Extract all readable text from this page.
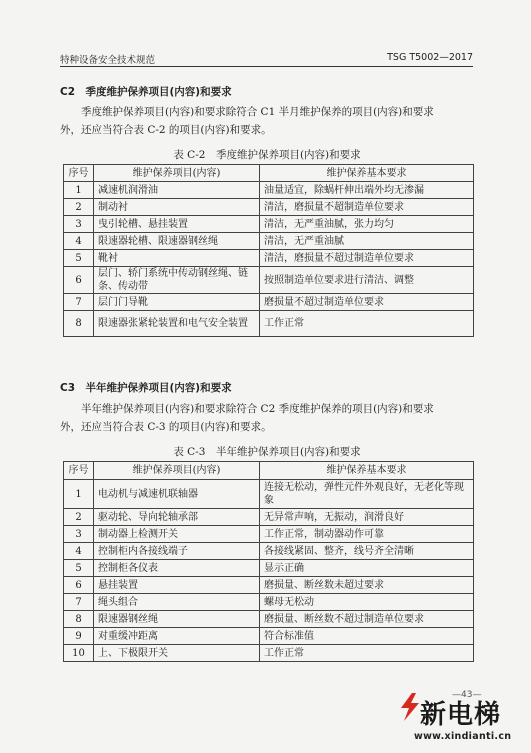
特种设备安全技术规范	TSG T5002—2017
C2　季度维护保养项目(内容)和要求

季度维护保养项目(内容)和要求除符合 C1 半月维护保养的项目(内容)和要求

外，还应当符合表 C-2 的项目(内容)和要求。

表 C-2　季度维护保养项目(内容)和要求
序号	维护保养项目(内容)	维护保养基本要求
1	减速机润滑油	油量适宜，除蜗杆伸出端外均无渗漏
2	制动衬	清洁，磨损量不超制造单位要求
3	曳引轮槽、悬挂装置	清洁，无严重油腻，张力均匀
4	限速器轮槽、限速器钢丝绳	清洁，无严重油腻
5	靴衬	清洁，磨损量不超过制造单位要求
6	层门、轿门系统中传动钢丝绳、链条、传动带	按照制造单位要求进行清洁、调整
7	层门门导靴	磨损量不超过制造单位要求
8	限速器张紧轮装置和电气安全装置	工作正常
C3　半年维护保养项目(内容)和要求

半年维护保养项目(内容)和要求除符合 C2 季度维护保养的项目(内容)和要求

外，还应当符合表 C-3 的项目(内容)和要求。

表 C-3　半年维护保养项目(内容)和要求
序号	维护保养项目(内容)	维护保养基本要求
1	电动机与减速机联轴器	连接无松动，弹性元件外观良好，无老化等现象
2	驱动轮、导向轮轴承部	无异常声响，无振动，润滑良好
3	制动器上检测开关	工作正常，制动器动作可靠
4	控制柜内各接线端子	各接线紧固、整齐，线号齐全清晰
5	控制柜各仪表	显示正确
6	悬挂装置	磨损量、断丝数未超过要求
7	绳头组合	螺母无松动
8	限速器钢丝绳	磨损量、断丝数不超过制造单位要求
9	对重缓冲距离	符合标准值
10	上、下极限开关	工作正常
—43—
新电梯
www.xindianti.cn
